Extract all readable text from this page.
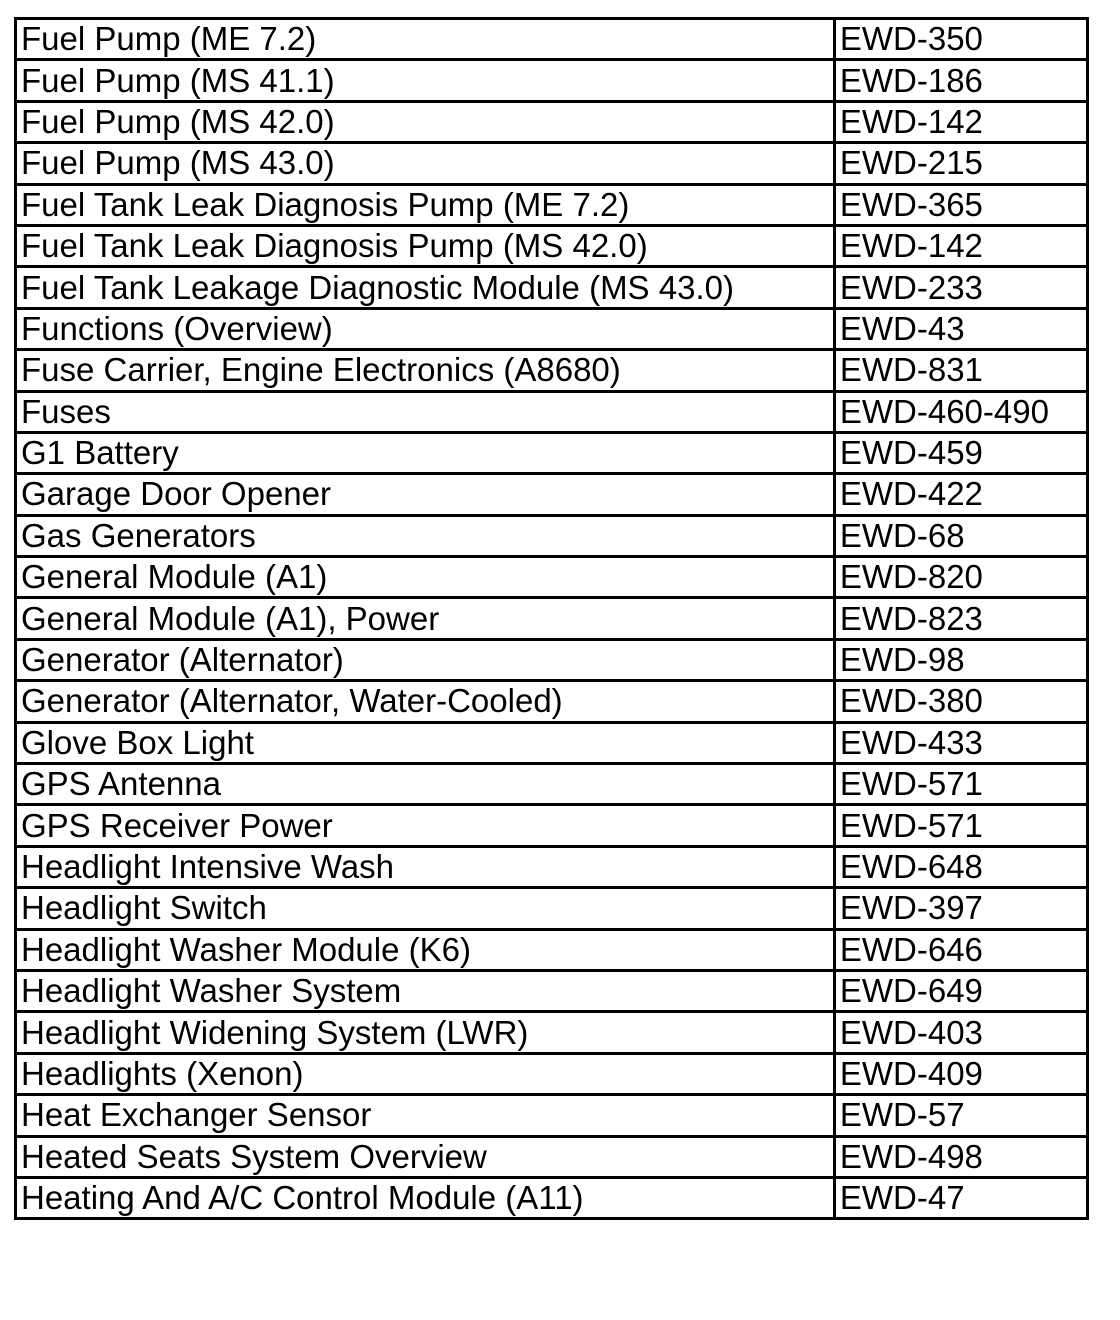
Fuel Pump (ME 7.2)	EWD-350
Fuel Pump (MS 41.1)	EWD-186
Fuel Pump (MS 42.0)	EWD-142
Fuel Pump (MS 43.0)	EWD-215
Fuel Tank Leak Diagnosis Pump (ME 7.2)	EWD-365
Fuel Tank Leak Diagnosis Pump (MS 42.0)	EWD-142
Fuel Tank Leakage Diagnostic Module (MS 43.0)	EWD-233
Functions (Overview)	EWD-43
Fuse Carrier, Engine Electronics (A8680)	EWD-831
Fuses	EWD-460-490
G1 Battery	EWD-459
Garage Door Opener	EWD-422
Gas Generators	EWD-68
General Module (A1)	EWD-820
General Module (A1), Power	EWD-823
Generator (Alternator)	EWD-98
Generator (Alternator, Water-Cooled)	EWD-380
Glove Box Light	EWD-433
GPS Antenna	EWD-571
GPS Receiver Power	EWD-571
Headlight Intensive Wash	EWD-648
Headlight Switch	EWD-397
Headlight Washer Module (K6)	EWD-646
Headlight Washer System	EWD-649
Headlight Widening System (LWR)	EWD-403
Headlights (Xenon)	EWD-409
Heat Exchanger Sensor	EWD-57
Heated Seats System Overview	EWD-498
Heating And A/C Control Module (A11)	EWD-47
